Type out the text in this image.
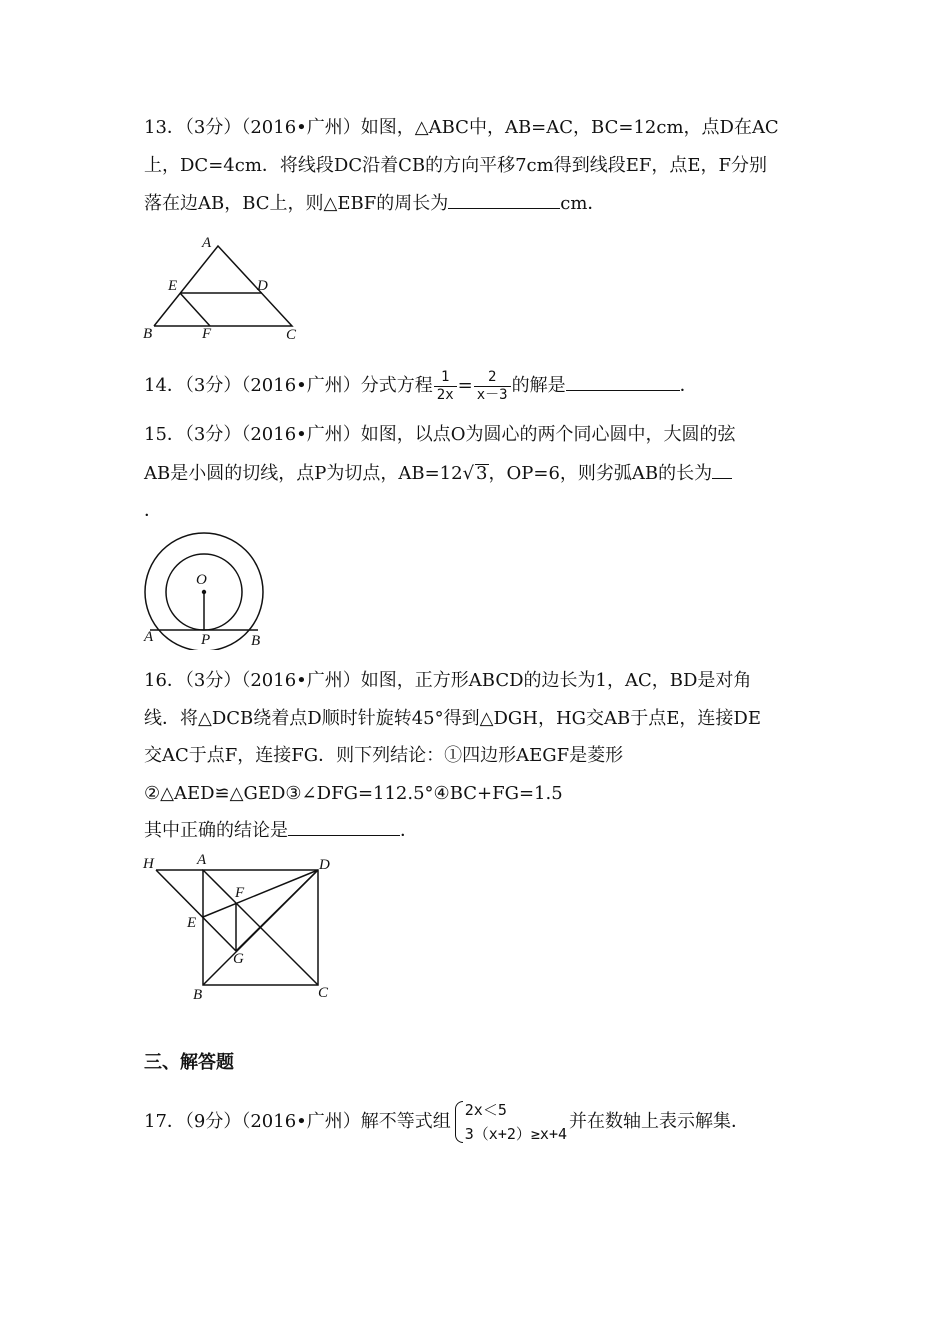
13．（3分）（2016•广州）如图，△ABC中，AB=AC，BC=12cm，点D在AC
上，DC=4cm．将线段DC沿着CB的方向平移7cm得到线段EF，点E，F分别
落在边AB，BC上，则△EBF的周长为	cm．
A
E	D
B	F	C
14．（3分）（2016•广州）分式方程 $\frac{1}{2x} = \frac{2}{x-3}$ 的解是	．
15．（3分）（2016•广州）如图，以点O为圆心的两个同心圆中，大圆的弦
AB是小圆的切线，点P为切点，AB=12√ 3，OP=6，则劣弧AB的长为
．
O
A	P	B
16．（3分）（2016•广州）如图，正方形ABCD的边长为1，AC，BD是对角
线．将△DCB绕着点D顺时针旋转45°得到△DGH，HG交AB于点E，连接DE
交AC于点F，连接FG．则下列结论：①四边形AEGF是菱形
②△AED≌△GED③∠DFG=112.5°④BC+FG=1.5
其中正确的结论是	．
H	A	D
F
E
G
B	C
三、解答题
17．（9分）（2016•广州）解不等式组
2x＜5
3（x+2）≥x+4
并在数轴上表示解集．
